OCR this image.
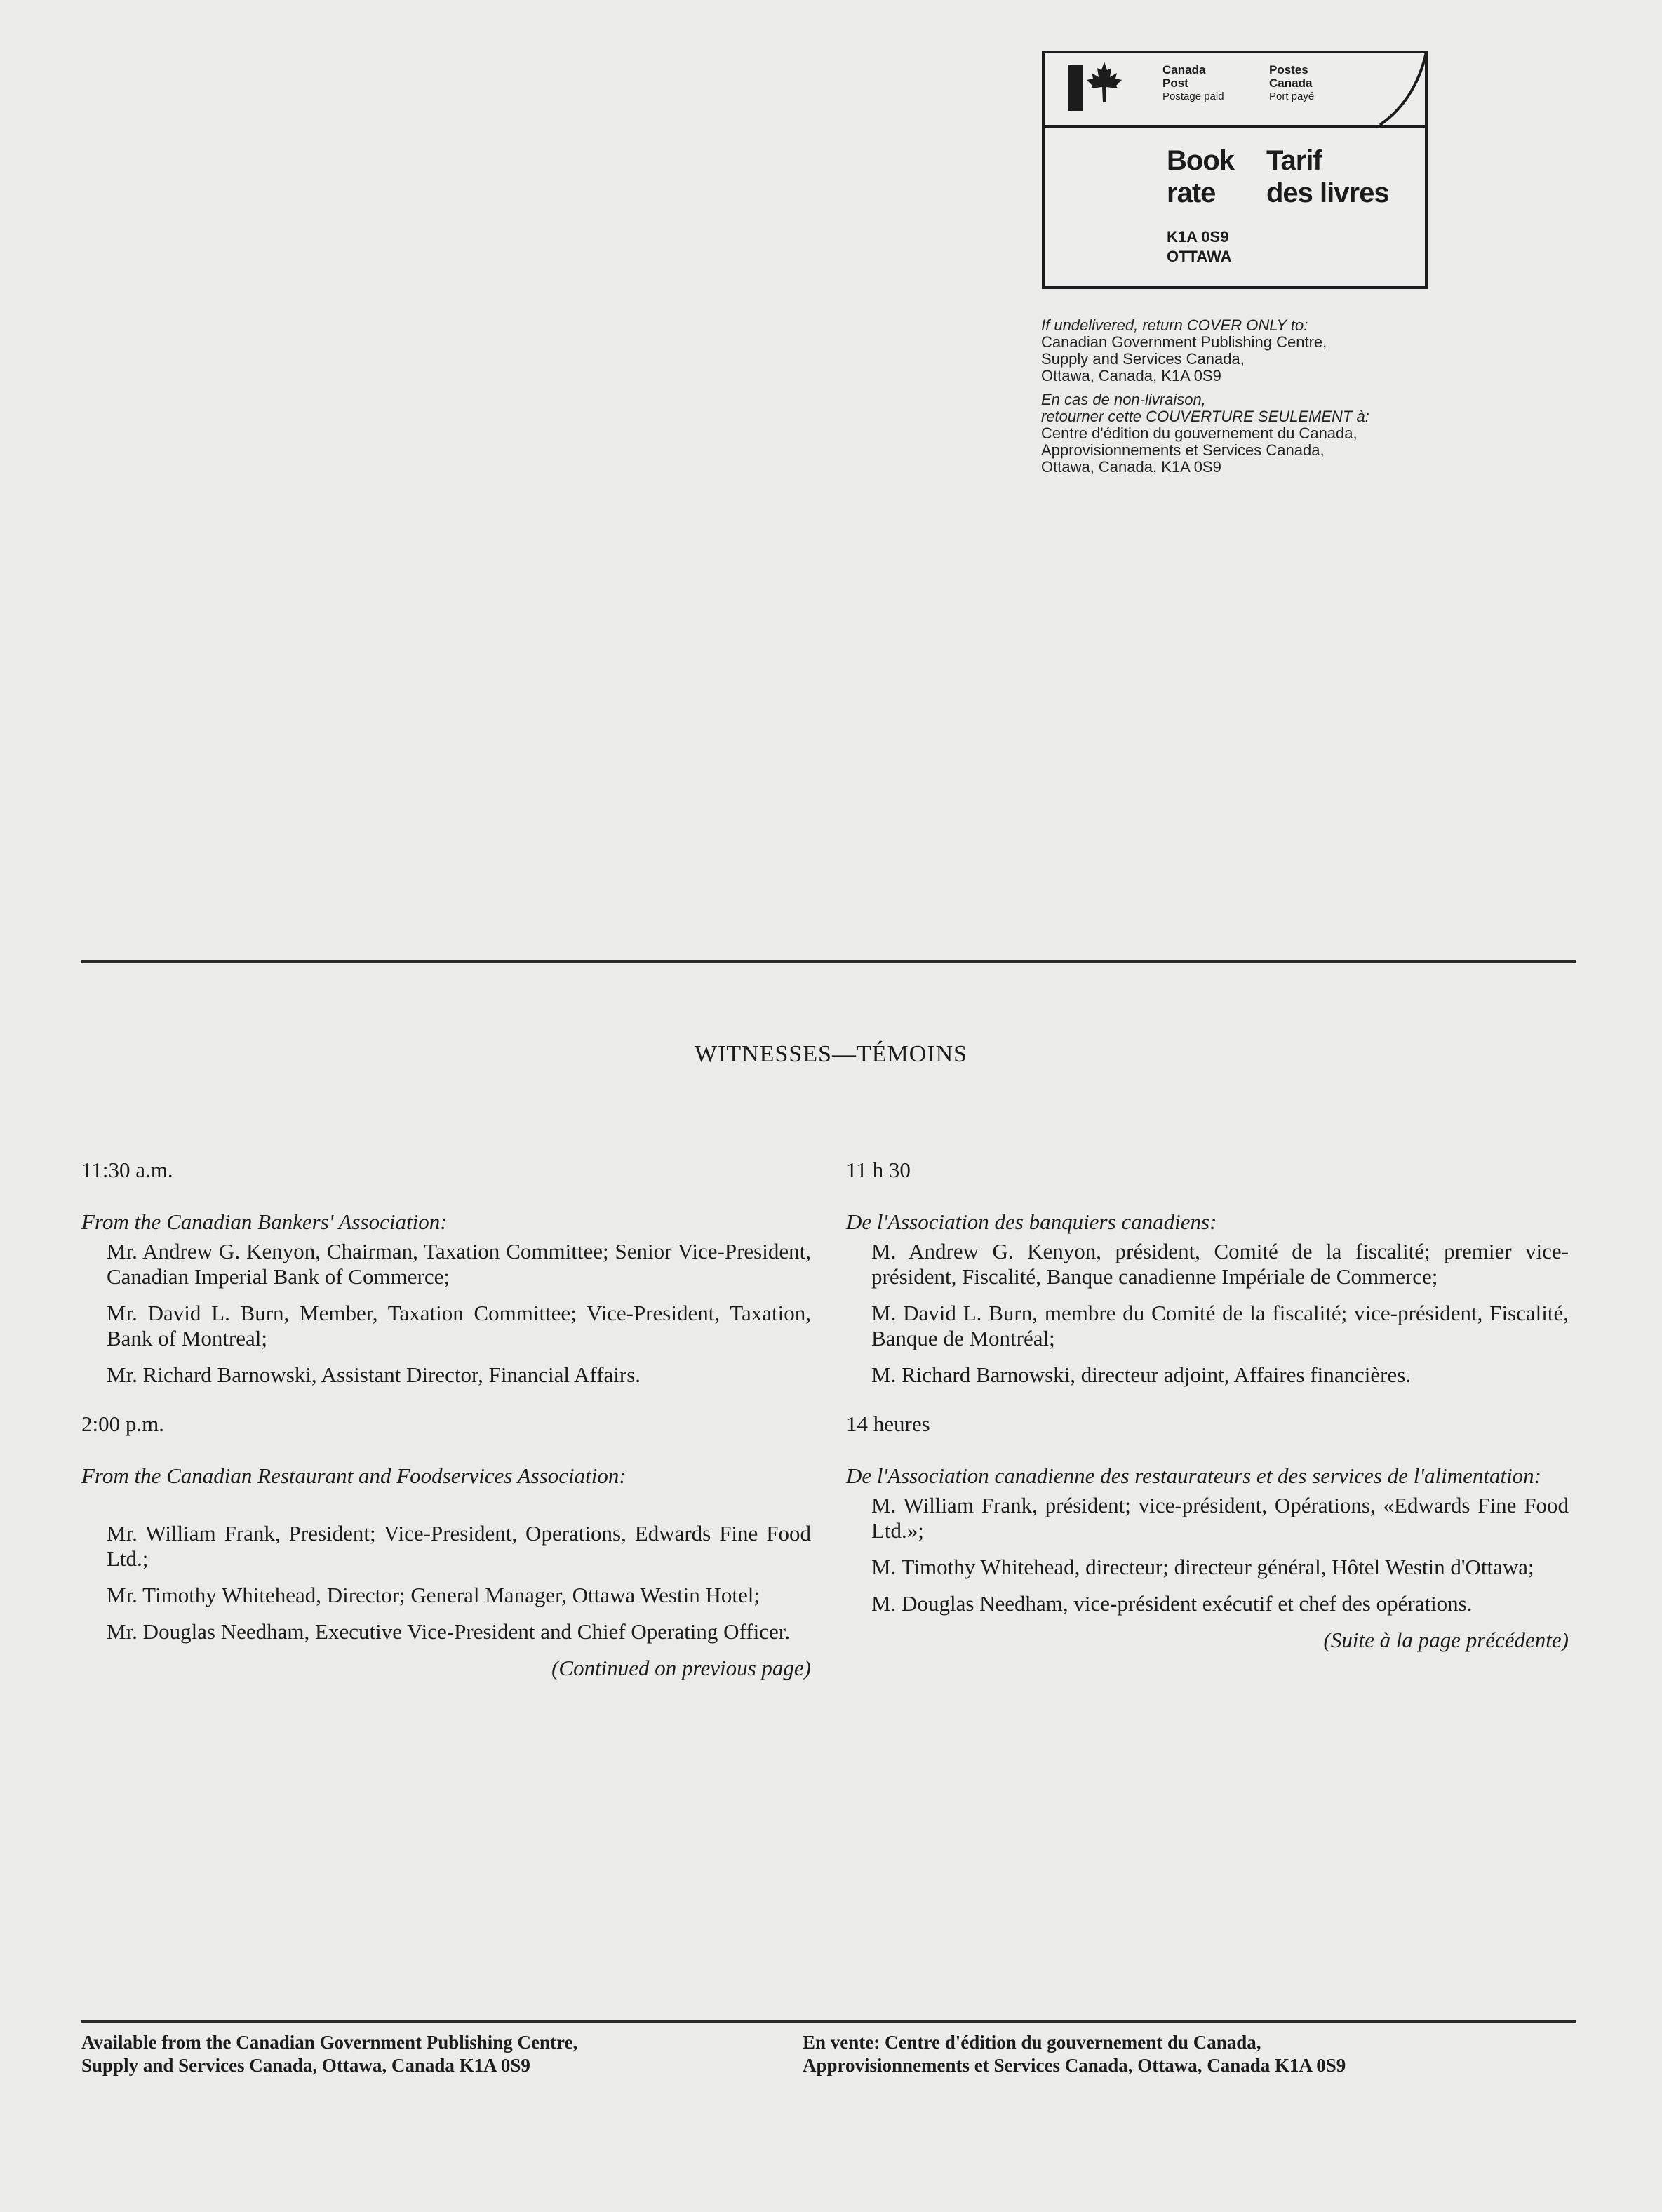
Canada
Post
Postage paid
Postes
Canada
Port payé
Book
rate
Tarif
des livres
K1A 0S9
OTTAWA

If undelivered, return COVER ONLY to:
Canadian Government Publishing Centre,
Supply and Services Canada,
Ottawa, Canada, K1A 0S9

En cas de non-livraison,
retourner cette COUVERTURE SEULEMENT à:
Centre d'édition du gouvernement du Canada,
Approvisionnements et Services Canada,
Ottawa, Canada, K1A 0S9

WITNESSES—TÉMOINS

11:30 a.m.

From the Canadian Bankers' Association:

Mr. Andrew G. Kenyon, Chairman, Taxation Committee; Senior Vice-President, Canadian Imperial Bank of Commerce;

Mr. David L. Burn, Member, Taxation Committee; Vice-President, Taxation, Bank of Montreal;

Mr. Richard Barnowski, Assistant Director, Financial Affairs.

2:00 p.m.

From the Canadian Restaurant and Foodservices Association:

Mr. William Frank, President; Vice-President, Operations, Edwards Fine Food Ltd.;

Mr. Timothy Whitehead, Director; General Manager, Ottawa Westin Hotel;

Mr. Douglas Needham, Executive Vice-President and Chief Operating Officer.

(Continued on previous page)

11 h 30

De l'Association des banquiers canadiens:

M. Andrew G. Kenyon, président, Comité de la fiscalité; premier vice-président, Fiscalité, Banque canadienne Impériale de Commerce;

M. David L. Burn, membre du Comité de la fiscalité; vice-président, Fiscalité, Banque de Montréal;

M. Richard Barnowski, directeur adjoint, Affaires financières.

14 heures

De l'Association canadienne des restaurateurs et des services de l'alimentation:

M. William Frank, président; vice-président, Opérations, «Edwards Fine Food Ltd.»;

M. Timothy Whitehead, directeur; directeur général, Hôtel Westin d'Ottawa;

M. Douglas Needham, vice-président exécutif et chef des opérations.

(Suite à la page précédente)

Available from the Canadian Government Publishing Centre,
Supply and Services Canada, Ottawa, Canada K1A 0S9
En vente: Centre d'édition du gouvernement du Canada,
Approvisionnements et Services Canada, Ottawa, Canada K1A 0S9
